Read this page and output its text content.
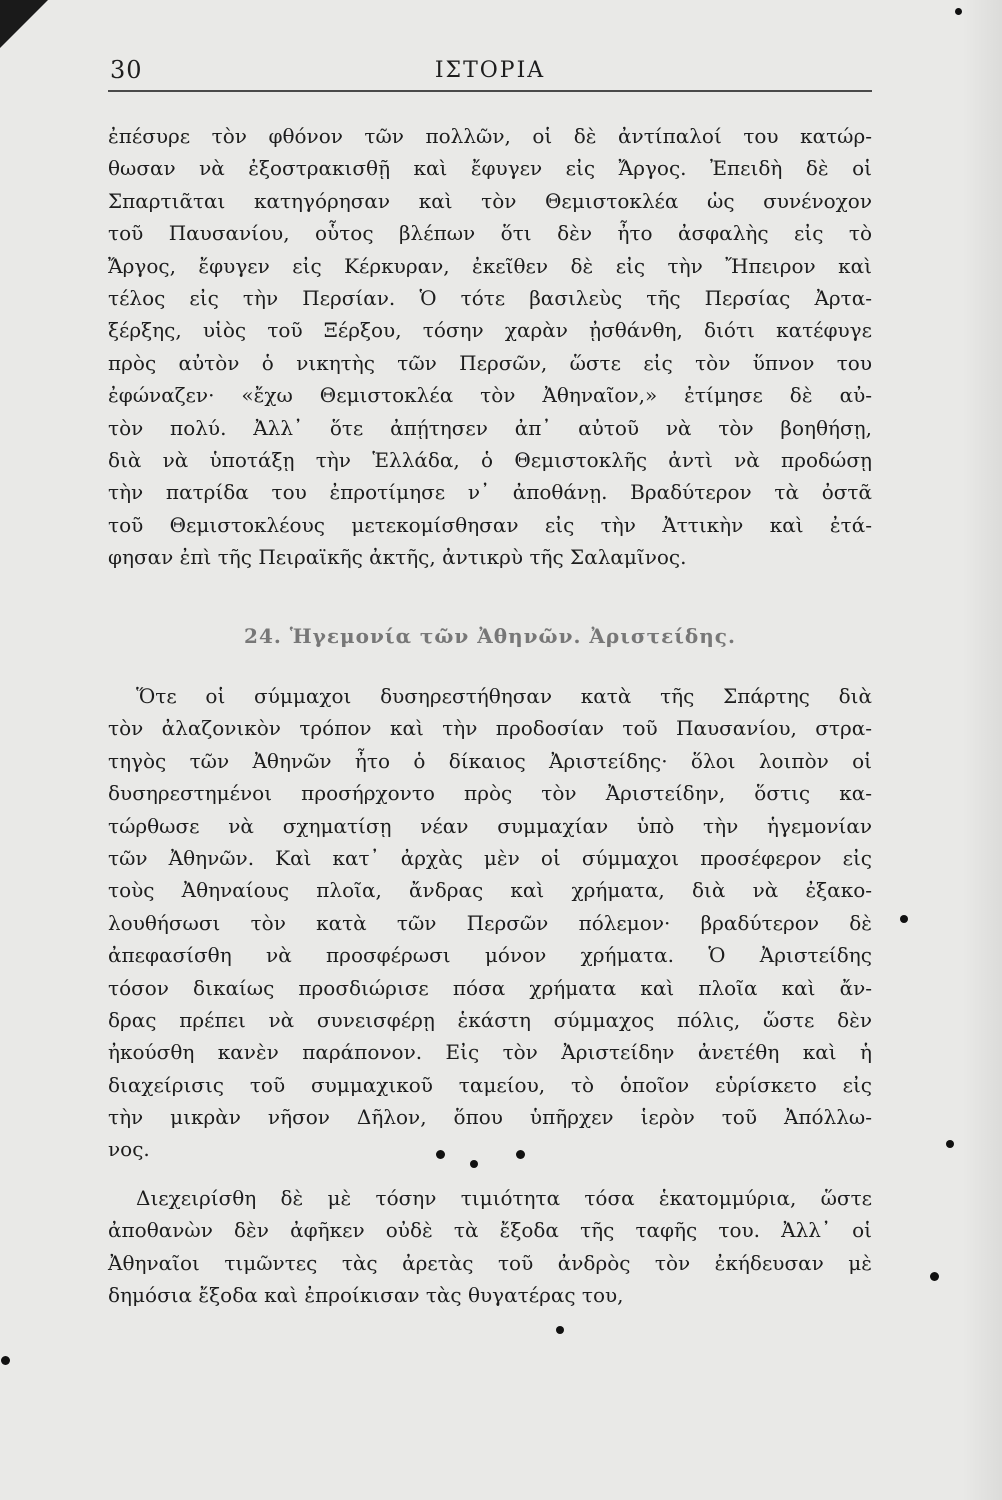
30	ΙΣΤΟΡΙΑ
ἐπέσυρε τὸν φθόνον τῶν πολλῶν, οἱ δὲ ἀντίπαλοί του κατώρ-
θωσαν νὰ ἐξοστρακισθῇ καὶ ἔφυγεν εἰς Ἄργος. Ἐπειδὴ δὲ οἱ
Σπαρτιᾶται κατηγόρησαν καὶ τὸν Θεμιστοκλέα ὡς συνένοχον
τοῦ Παυσανίου, οὗτος βλέπων ὅτι δὲν ἦτο ἀσφαλὴς εἰς τὸ
Ἄργος, ἔφυγεν εἰς Κέρκυραν, ἐκεῖθεν δὲ εἰς τὴν Ἤπειρον καὶ
τέλος εἰς τὴν Περσίαν. Ὁ τότε βασιλεὺς τῆς Περσίας Ἀρτα-
ξέρξης, υἱὸς τοῦ Ξέρξου, τόσην χαρὰν ᾐσθάνθη, διότι κατέφυγε
πρὸς αὐτὸν ὁ νικητὴς τῶν Περσῶν, ὥστε εἰς τὸν ὕπνον του
ἐφώναζεν· «ἔχω Θεμιστοκλέα τὸν Ἀθηναῖον,» ἐτίμησε δὲ αὐ-
τὸν πολύ. Ἀλλ᾽ ὅτε ἀπῄτησεν ἀπ᾽ αὐτοῦ νὰ τὸν βοηθήσῃ,
διὰ νὰ ὑποτάξῃ τὴν Ἑλλάδα, ὁ Θεμιστοκλῆς ἀντὶ νὰ προδώσῃ
τὴν πατρίδα του ἐπροτίμησε ν᾽ ἀποθάνῃ. Βραδύτερον τὰ ὀστᾶ
τοῦ Θεμιστοκλέους μετεκομίσθησαν εἰς τὴν Ἀττικὴν καὶ ἐτά-
φησαν ἐπὶ τῆς Πειραϊκῆς ἀκτῆς, ἀντικρὺ τῆς Σαλαμῖνος.
24. Ἡγεμονία τῶν Ἀθηνῶν. Ἀριστείδης.
Ὅτε οἱ σύμμαχοι δυσηρεστήθησαν κατὰ τῆς Σπάρτης διὰ
τὸν ἀλαζονικὸν τρόπον καὶ τὴν προδοσίαν τοῦ Παυσανίου, στρα-
τηγὸς τῶν Ἀθηνῶν ἦτο ὁ δίκαιος Ἀριστείδης· ὅλοι λοιπὸν οἱ
δυσηρεστημένοι προσήρχοντο πρὸς τὸν Ἀριστείδην, ὅστις κα-
τώρθωσε νὰ σχηματίσῃ νέαν συμμαχίαν ὑπὸ τὴν ἡγεμονίαν
τῶν Ἀθηνῶν. Καὶ κατ᾽ ἀρχὰς μὲν οἱ σύμμαχοι προσέφερον εἰς
τοὺς Ἀθηναίους πλοῖα, ἄνδρας καὶ χρήματα, διὰ νὰ ἐξακο-
λουθήσωσι τὸν κατὰ τῶν Περσῶν πόλεμον· βραδύτερον δὲ
ἀπεφασίσθη νὰ προσφέρωσι μόνον χρήματα. Ὁ Ἀριστείδης
τόσον δικαίως προσδιώρισε πόσα χρήματα καὶ πλοῖα καὶ ἄν-
δρας πρέπει νὰ συνεισφέρῃ ἑκάστη σύμμαχος πόλις, ὥστε δὲν
ἠκούσθη κανὲν παράπονον. Εἰς τὸν Ἀριστείδην ἀνετέθη καὶ ἡ
διαχείρισις τοῦ συμμαχικοῦ ταμείου, τὸ ὁποῖον εὑρίσκετο εἰς
τὴν μικρὰν νῆσον Δῆλον, ὅπου ὑπῆρχεν ἱερὸν τοῦ Ἀπόλλω-
νος.
Διεχειρίσθη δὲ μὲ τόσην τιμιότητα τόσα ἑκατομμύρια, ὥστε
ἀποθανὼν δὲν ἀφῆκεν οὐδὲ τὰ ἔξοδα τῆς ταφῆς του. Ἀλλ᾽ οἱ
Ἀθηναῖοι τιμῶντες τὰς ἀρετὰς τοῦ ἀνδρὸς τὸν ἐκήδευσαν μὲ
δημόσια ἔξοδα καὶ ἐπροίκισαν τὰς θυγατέρας του,
